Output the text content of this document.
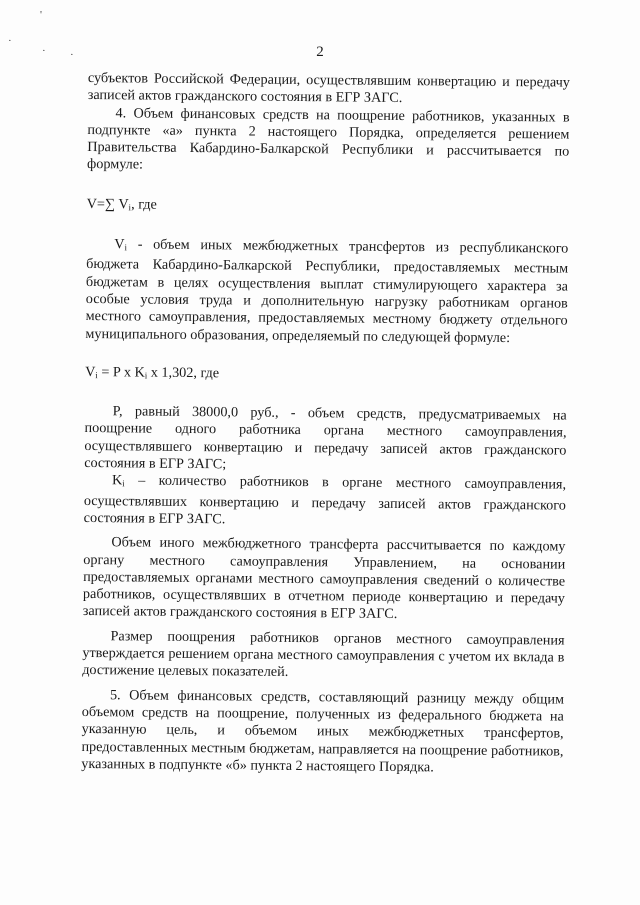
'
·
· ·	2

субъектов Российской Федерации, осуществлявшим конвертацию и передачу записей актов гражданского состояния в ЕГР ЗАГС.

4. Объем финансовых средств на поощрение работников, указанных в подпункте «а» пункта 2 настоящего Порядка, определяется решением Правительства Кабардино-Балкарской Республики и рассчитывается по формуле:

V=∑ $V_i$, где

$V_i$ - объем иных межбюджетных трансфертов из республиканского бюджета Кабардино-Балкарской Республики, предоставляемых местным бюджетам в целях осуществления выплат стимулирующего характера за особые условия труда и дополнительную нагрузку работникам органов местного самоуправления, предоставляемых местному бюджету отдельного муниципального образования, определяемый по следующей формуле:

$V_i = P$ x $K_i$ x 1,302, где

P, равный 38000,0 руб., - объем средств, предусматриваемых на поощрение одного работника органа местного самоуправления, осуществлявшего конвертацию и передачу записей актов гражданского состояния в ЕГР ЗАГС;

$K_i$ – количество работников в органе местного самоуправления, осуществлявших конвертацию и передачу записей актов гражданского состояния в ЕГР ЗАГС.

Объем иного межбюджетного трансферта рассчитывается по каждому органу местного самоуправления Управлением, на основании предоставляемых органами местного самоуправления сведений о количестве работников, осуществлявших в отчетном периоде конвертацию и передачу записей актов гражданского состояния в ЕГР ЗАГС.

Размер поощрения работников органов местного самоуправления утверждается решением органа местного самоуправления с учетом их вклада в достижение целевых показателей.

5. Объем финансовых средств, составляющий разницу между общим объемом средств на поощрение, полученных из федерального бюджета на указанную цель, и объемом иных межбюджетных трансфертов, предоставленных местным бюджетам, направляется на поощрение работников, указанных в подпункте «б» пункта 2 настоящего Порядка.
